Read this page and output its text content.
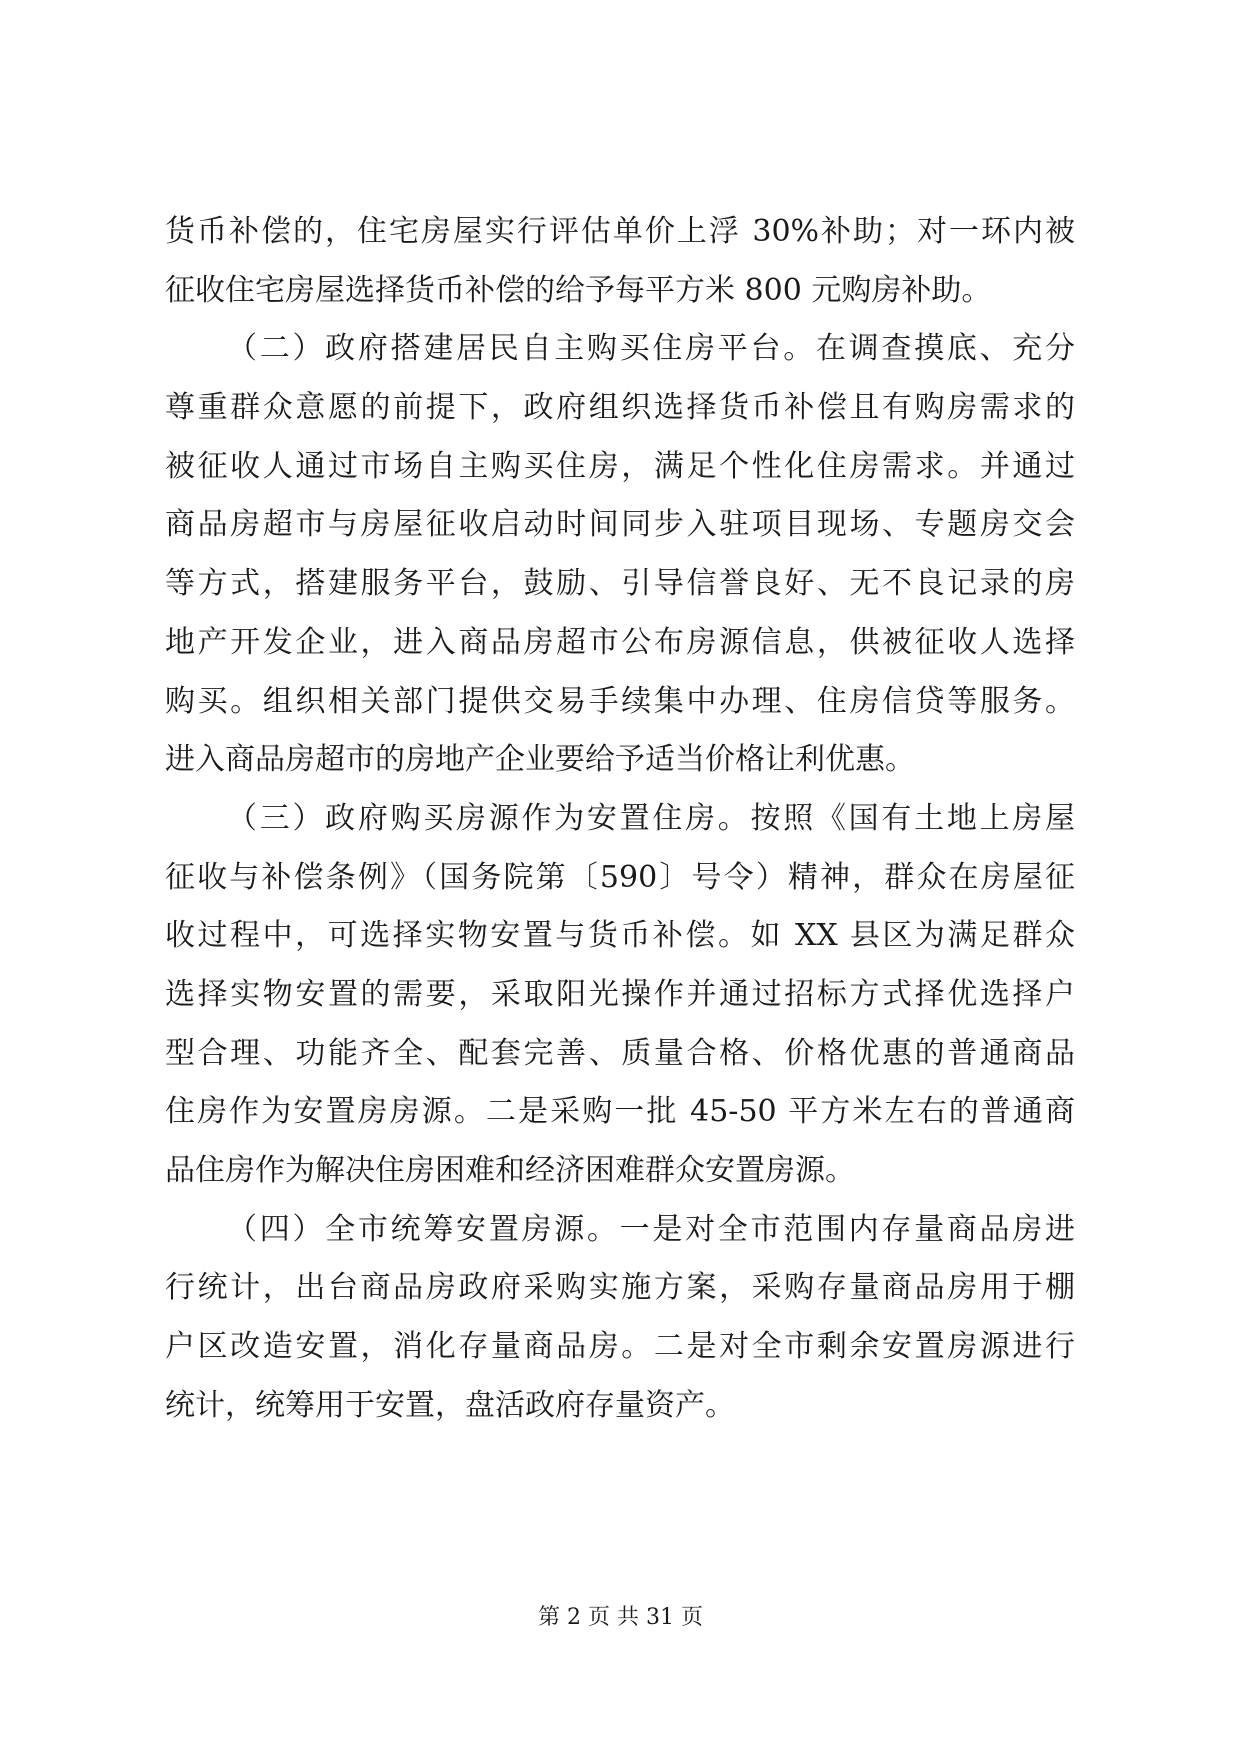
货币补偿的，住宅房屋实行评估单价上浮 30%补助；对一环内被
征收住宅房屋选择货币补偿的给予每平方米 800 元购房补助。
（二）政府搭建居民自主购买住房平台。在调查摸底、充分
尊重群众意愿的前提下，政府组织选择货币补偿且有购房需求的
被征收人通过市场自主购买住房，满足个性化住房需求。并通过
商品房超市与房屋征收启动时间同步入驻项目现场、专题房交会
等方式，搭建服务平台，鼓励、引导信誉良好、无不良记录的房
地产开发企业，进入商品房超市公布房源信息，供被征收人选择
购买。组织相关部门提供交易手续集中办理、住房信贷等服务。
进入商品房超市的房地产企业要给予适当价格让利优惠。
（三）政府购买房源作为安置住房。按照《国有土地上房屋
征收与补偿条例》（国务院第〔590〕号令）精神，群众在房屋征
收过程中，可选择实物安置与货币补偿。如 XX 县区为满足群众
选择实物安置的需要，采取阳光操作并通过招标方式择优选择户
型合理、功能齐全、配套完善、质量合格、价格优惠的普通商品
住房作为安置房房源。二是采购一批 45-50 平方米左右的普通商
品住房作为解决住房困难和经济困难群众安置房源。
（四）全市统筹安置房源。一是对全市范围内存量商品房进
行统计，出台商品房政府采购实施方案，采购存量商品房用于棚
户区改造安置，消化存量商品房。二是对全市剩余安置房源进行
统计，统筹用于安置，盘活政府存量资产。
第 2 页 共 31 页
